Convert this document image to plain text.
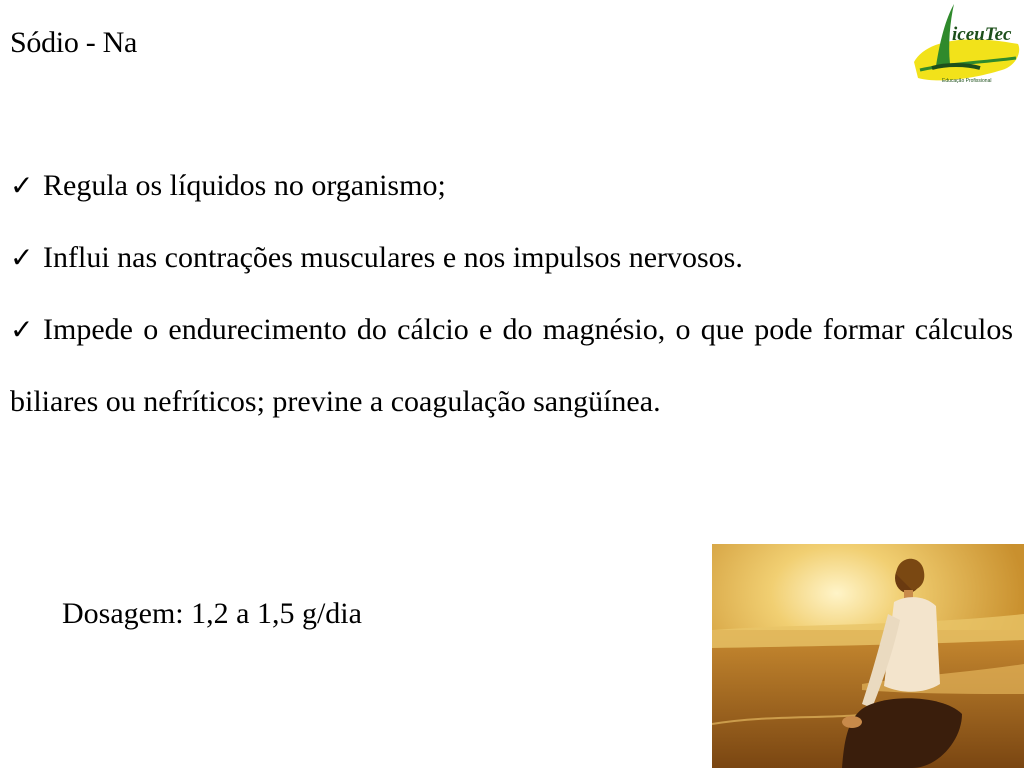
Sódio - Na	iceuTec
Educação Profissional

✓ Regula os líquidos no organismo;

✓ Influi nas contrações musculares e nos impulsos nervosos.

✓ Impede o endurecimento do cálcio e do magnésio, o que pode formar cálculos biliares ou nefríticos; previne a coagulação sangüínea.

Dosagem: 1,2 a 1,5 g/dia
